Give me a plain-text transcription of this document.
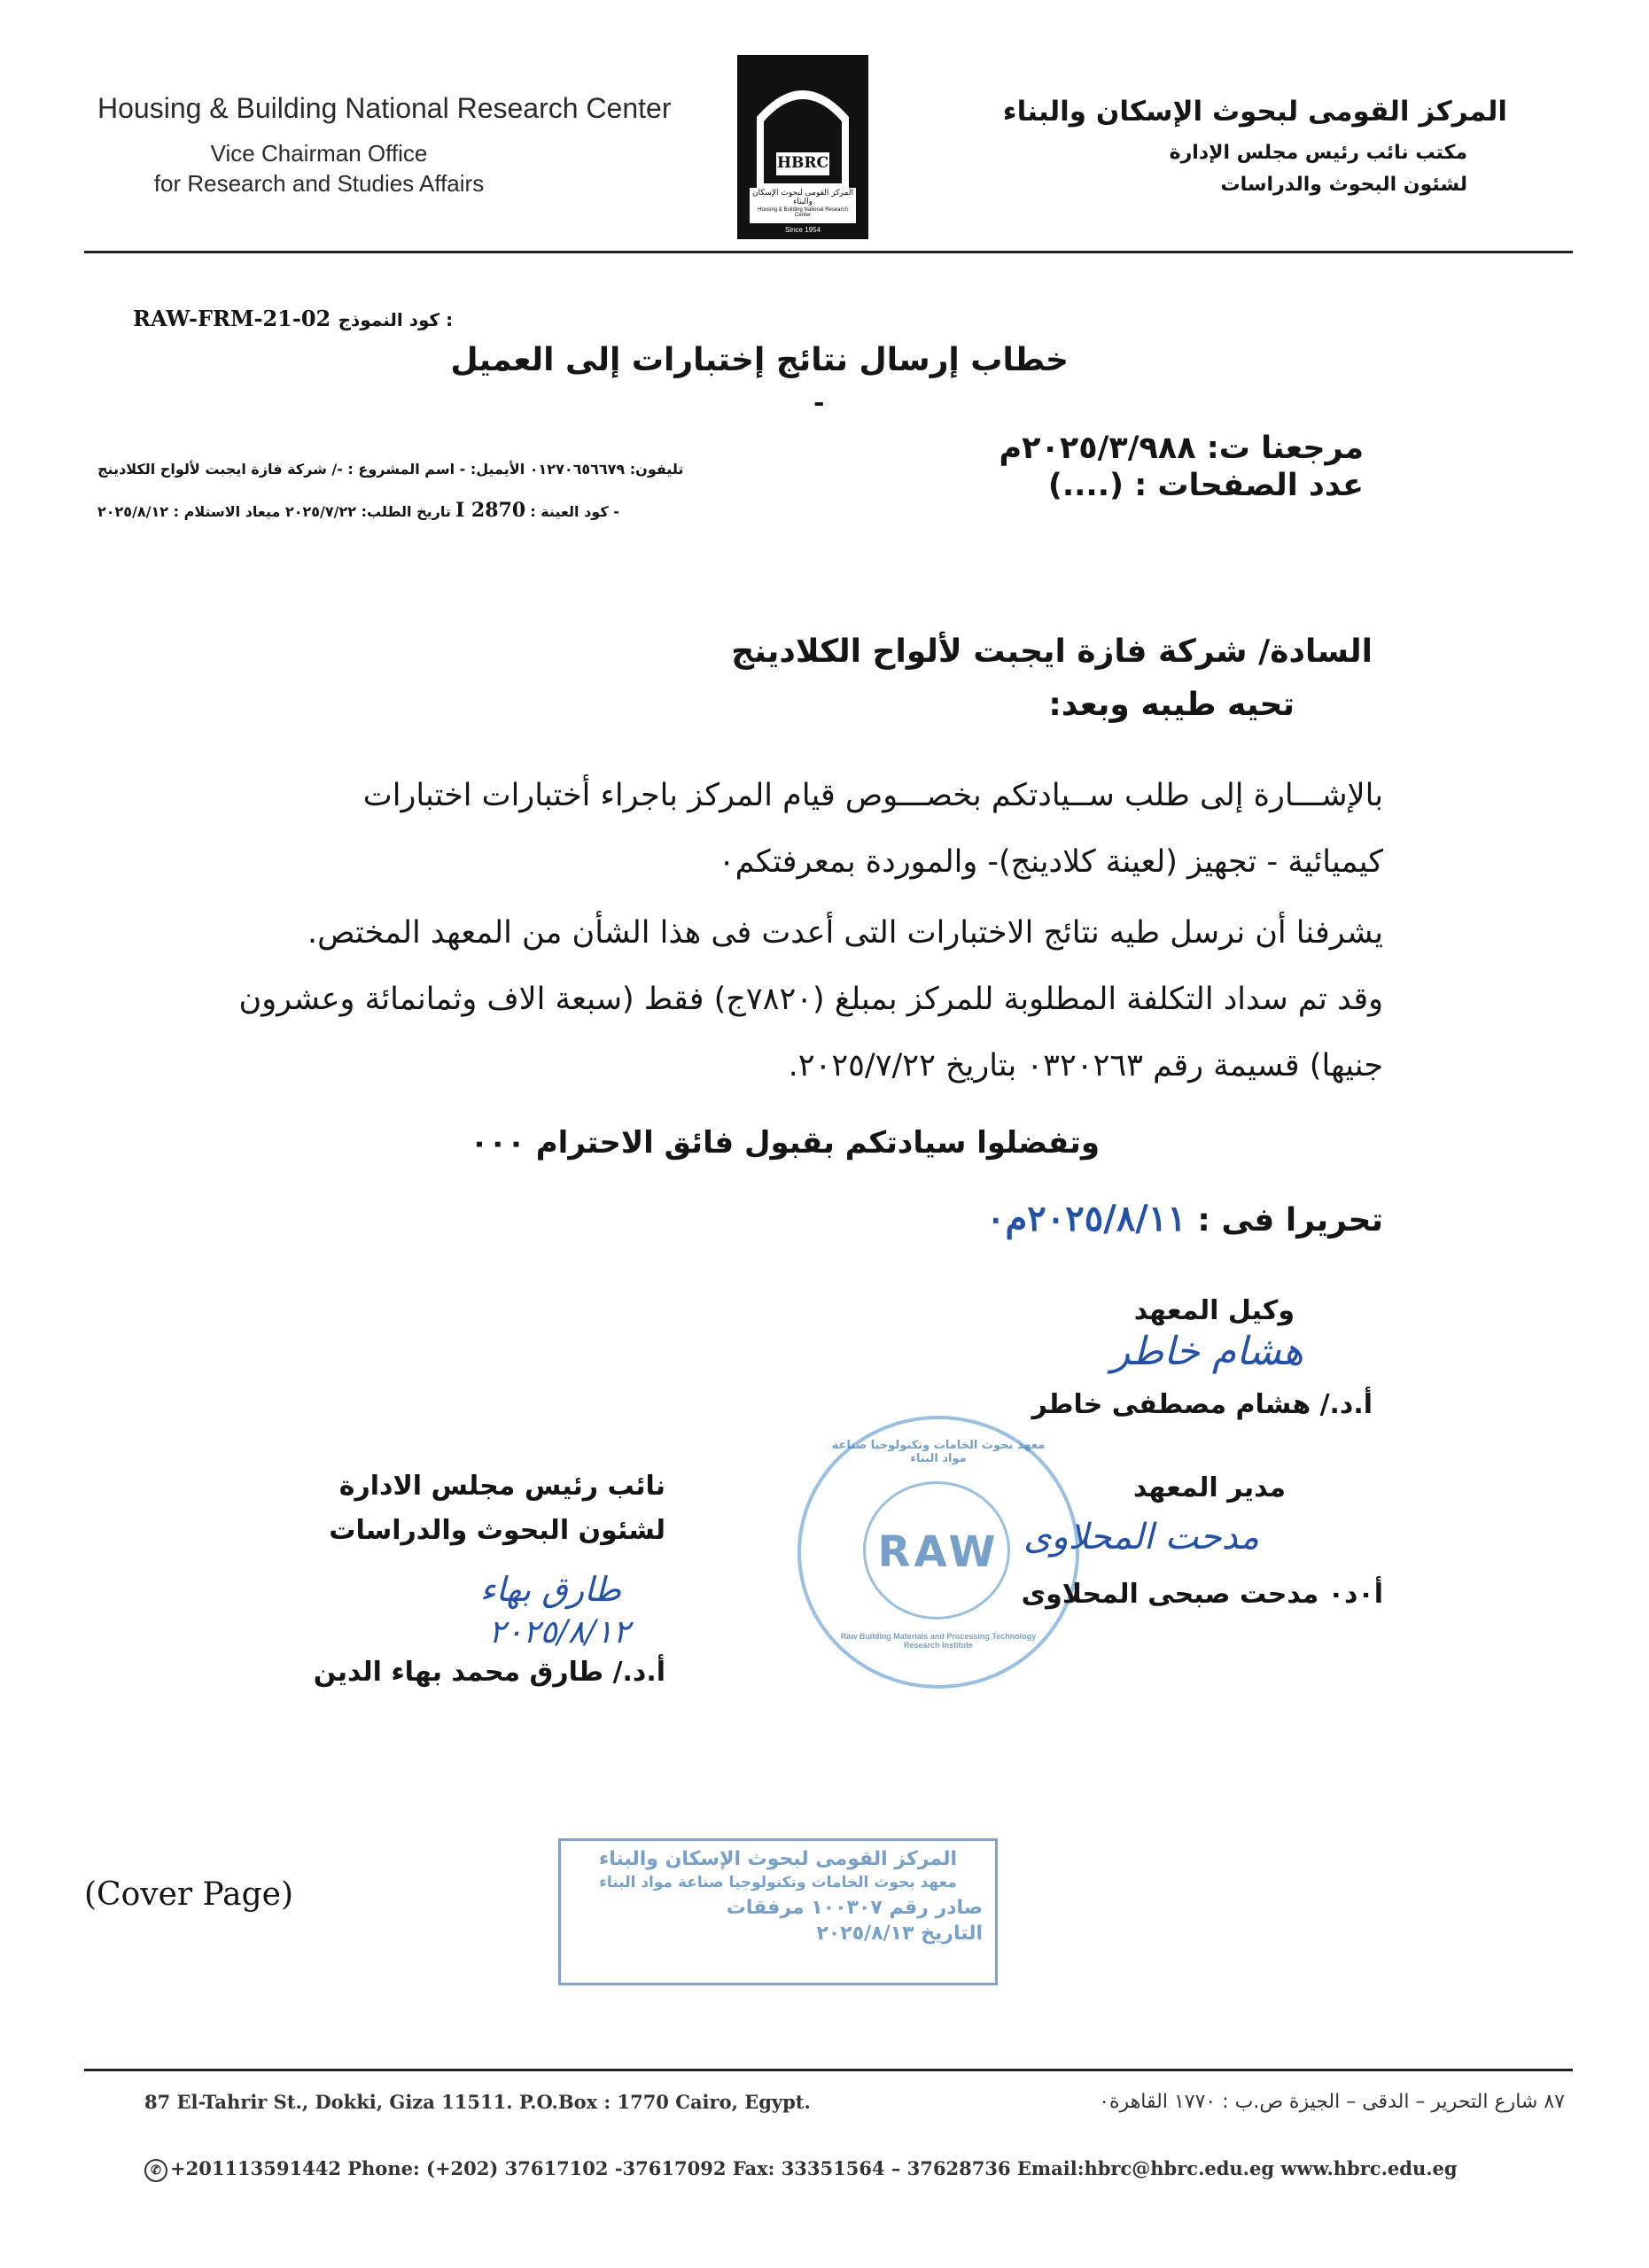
Housing & Building National Research Center
Vice Chairman Office
for Research and Studies Affairs
HBRC
المركز القومى لبحوث الإسكان والبناء
Housing & Building National Research Center
Since 1954
المركز القومى لبحوث الإسكان والبناء
مكتب نائب رئيس مجلس الإدارة
لشئون البحوث والدراسات
RAW-FRM-21-02 كود النموذج :
خطاب إرسال نتائج إختبارات إلى العميل
-
مرجعنا ت: ٢٠٢٥/٣/٩٨٨م
عدد الصفحات : (....)
تليفون: ٠١٢٧٠٦٥٦٦٧٩ الأيميل: - اسم المشروع : -/ شركة فازة ايجبت لألواح الكلادينج
- كود العينة : 2870 I تاريخ الطلب: ٢٠٢٥/٧/٢٢ ميعاد الاستلام : ٢٠٢٥/٨/١٢
السادة/ شركة فازة ايجبت لألواح الكلادينج
تحيه طيبه وبعد:
بالإشـــارة إلى طلب ســيادتكم بخصـــوص قيام المركز باجراء أختبارات اختبارات
كيميائية - تجهيز (لعينة كلادينج)- والموردة بمعرفتكم٠
يشرفنا أن نرسل طيه نتائج الاختبارات التى أعدت فى هذا الشأن من المعهد المختص.
وقد تم سداد التكلفة المطلوبة للمركز بمبلغ (٧٨٢٠ج) فقط (سبعة الاف وثمانمائة وعشرون
جنيها) قسيمة رقم ٠٣٢٠٢٦٣ بتاريخ ٢٠٢٥/٧/٢٢.
وتفضلوا سيادتكم بقبول فائق الاحترام ٠٠٠
تحريرا فى : ٢٠٢٥/٨/١١م٠
وكيل المعهد
هشام خاطر
أ.د./ هشام مصطفى خاطر
معهد بحوث الخامات وتكنولوجيا صناعة مواد البناء
RAW
Raw Building Materials and Processing Technology Research Institute
مدير المعهد
مدحت المحلاوى
أ٠د٠ مدحت صبحى المحلاوى
نائب رئيس مجلس الادارة
لشئون البحوث والدراسات
طارق بهاء
٢٠٢٥/٨/١٢
أ.د./ طارق محمد بهاء الدين
المركز القومى لبحوث الإسكان والبناء
معهد بحوث الخامات وتكنولوجيا صناعة مواد البناء
صادر رقم ١٠٠٣٠٧ مرفقات
التاريخ ٢٠٢٥/٨/١٣
(Cover Page)
87 El-Tahrir St., Dokki, Giza 11511. P.O.Box : 1770 Cairo, Egypt.	٨٧ شارع التحرير – الدقى – الجيزة ص.ب : ١٧٧٠ القاهرة٠
✆ +201113591442 Phone: (+202) 37617102 -37617092 Fax: 33351564 – 37628736 Email:hbrc@hbrc.edu.eg www.hbrc.edu.eg
